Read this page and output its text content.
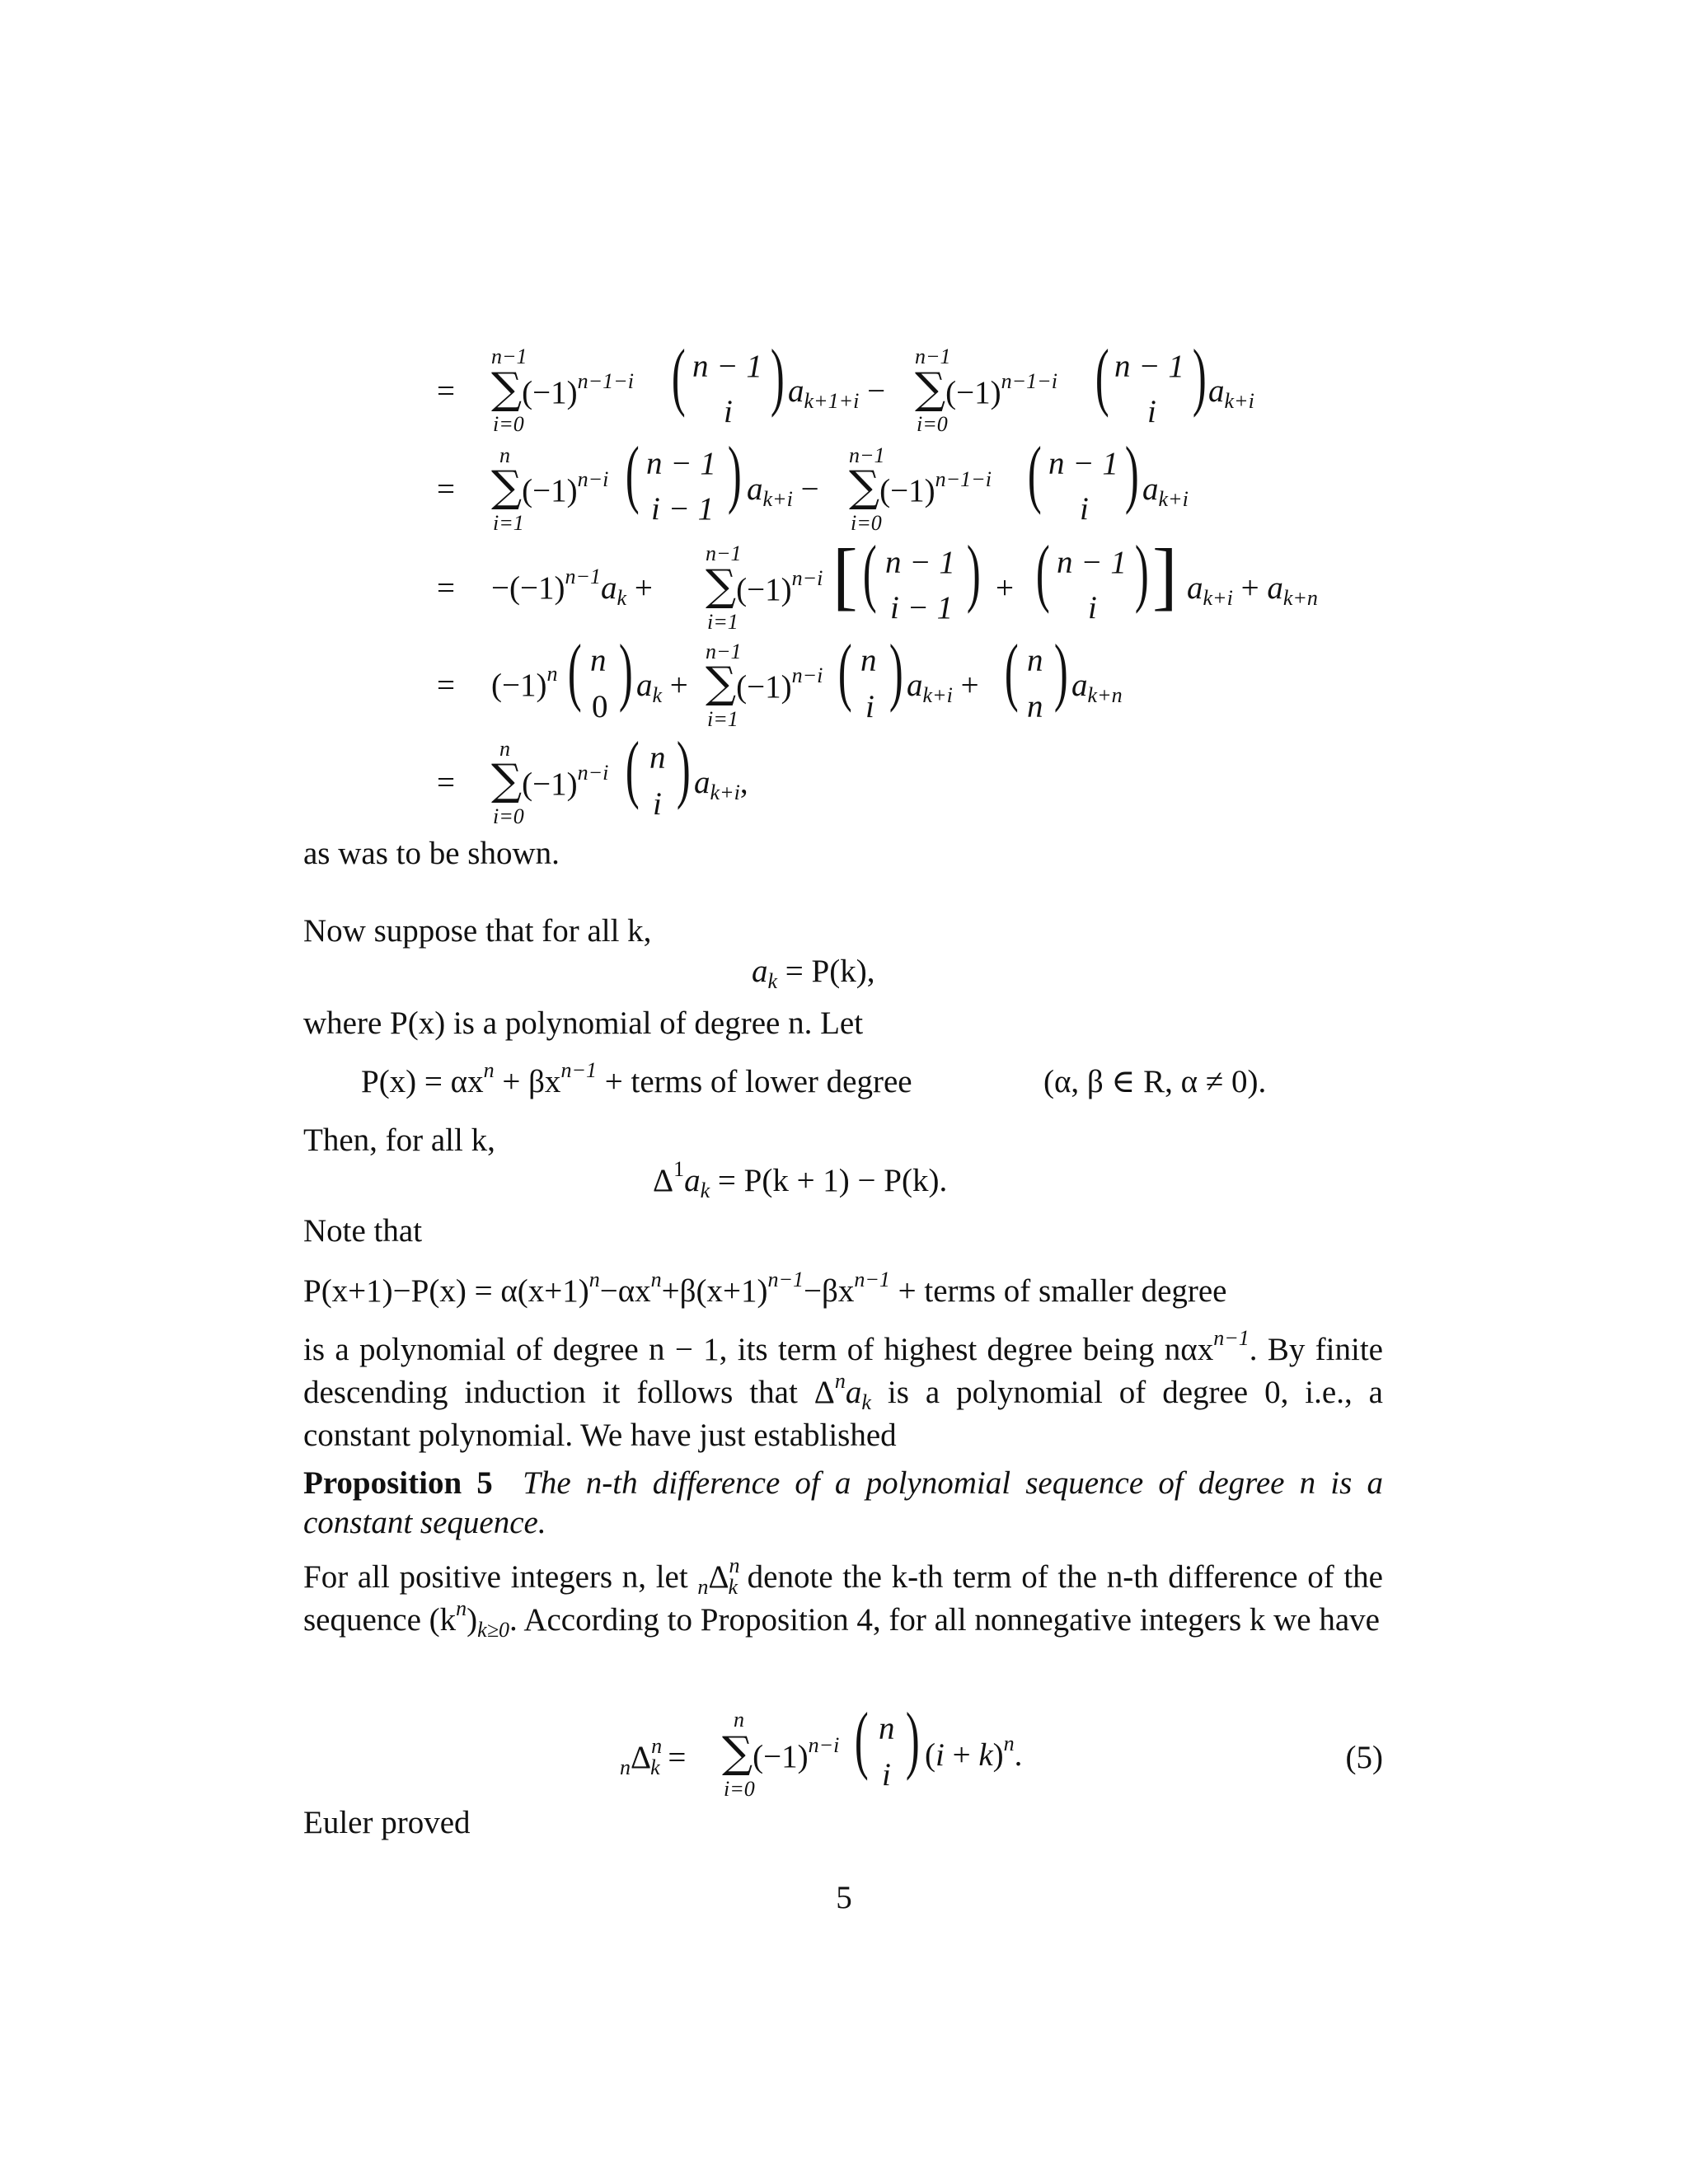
=
n−1
i=0
$\sum(-1)^{n-1-i}$ ( n − 1
i ) $a_{k+1+i}$ −
n−1
i=0
$\sum(-1)^{n-1-i}$ ( n − 1
i ) $a_{k+i}$
=
n
i=1
$\sum(-1)^{n-i}$ ( n − 1
i − 1 ) $a_{k+i}$ −
n−1
i=0
$\sum(-1)^{n-1-i}$ ( n − 1
i ) $a_{k+i}$
= $-(-1)^{n-1}a_k$ +
n−1
i=1
$\sum(-1)^{n-i}$ [ ( n − 1
i − 1 ) + ( n − 1
i ) ] $a_{k+i} + a_{k+n}$
= $(-1)^n$ ( n
0 ) $a_k$ +
n−1
i=1
$\sum(-1)^{n-i}$ ( n
i ) $a_{k+i}$ + ( n
n ) $a_{k+n}$
=
n
i=0
$\sum(-1)^{n-i}$ ( n
i ) $a_{k+i}$,
as was to be shown.
Now suppose that for all k,
$a_k = P(k)$,
where P(x) is a polynomial of degree n. Let
$P(x) = \alpha x^n + \beta x^{n-1}$ + terms of lower degree	(α, β ∈ R, α ≠ 0).
Then, for all k,
$\Delta^1a_k = P(k + 1) - P(k)$.
Note that
$P(x+1)-P(x) = \alpha(x+1)^n-\alpha x^n+\beta(x+1)^{n-1}-\beta x^{n-1}$ + terms of smaller degree
is a polynomial of degree n − 1, its term of highest degree being nαx$^{n-1}$. By finite descending induction it follows that $\Delta^na_k$ is a polynomial of degree 0, i.e., a constant polynomial. We have just established
Proposition 5 The n-th difference of a polynomial sequence of degree n is a constant sequence.
For all positive integers n, let $_n\Delta^n_k$ denote the k-th term of the n-th difference of the sequence $(k^n)_{k\ge 0}$. According to Proposition 4, for all nonnegative integers k we have
$_n\Delta^n_k$ =
n
i=0
$\sum(-1)^{n-i}$ ( n
i ) $(i + k)^n$.	(5)
Euler proved
5
